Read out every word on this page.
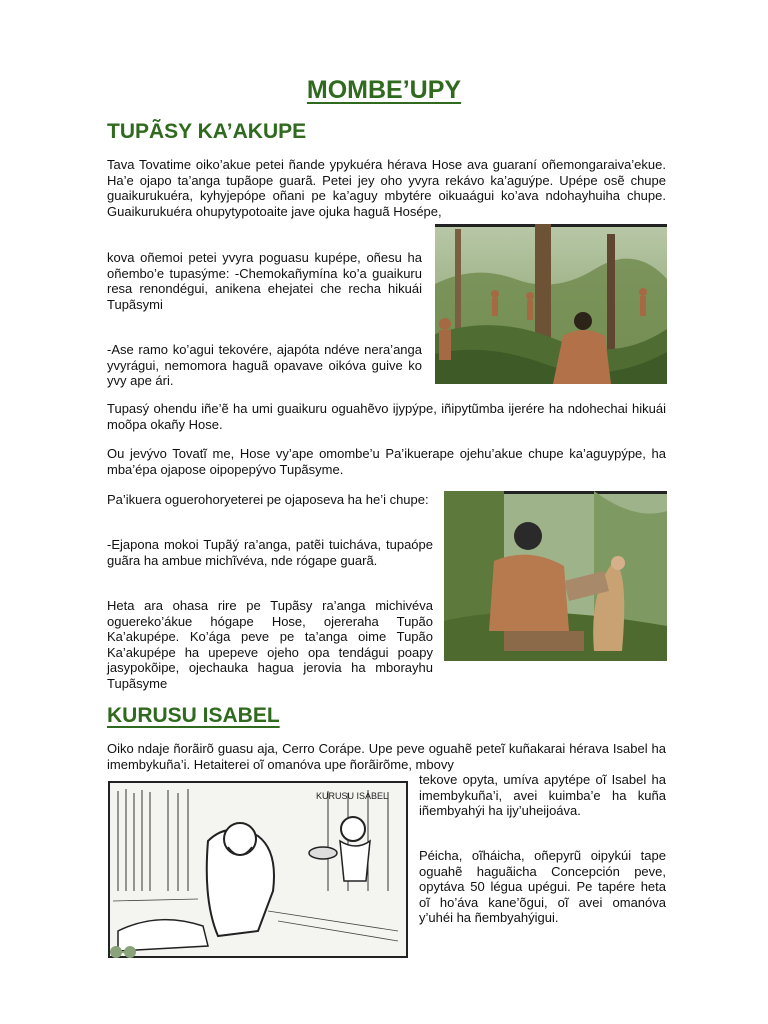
MOMBE’UPY
TUPÃSY KA’AKUPE

Tava Tovatime oiko’akue petei ñande ypykuéra hérava Hose ava guaraní oñemongaraiva’ekue. Ha’e ojapo ta’anga tupãope guarã. Petei jey oho yvyra rekávo ka’aguýpe. Upépe osẽ chupe guaikurukuéra, kyhyjepópe oñani pe ka’aguy mbytére oikuaágui ko’ava ndohayhuiha chupe. Guaikurukuéra ohupytypotoaite jave ojuka haguã Hosépe,

kova oñemoi petei yvyra poguasu kupépe, oñesu ha oñembo’e tupasýme: -Chemokañymína ko’a guaikuru resa renondégui, anikena ehejatei che recha hikuái Tupãsymi

-Ase ramo ko’agui tekovére, ajapóta ndéve nera’anga yvyrágui, nemomora haguã opavave oikóva guive ko yvy ape ári.

Tupasý ohendu iñe’ẽ ha umi guaikuru oguahẽvo ijypýpe, iñipytũmba ijerére ha ndohechai hikuái moõpa okañy Hose.

Ou jevývo Tovatĩ me, Hose vy’ape omombe’u Pa’ikuerape ojehu’akue chupe ka’aguypýpe, ha mba’épa ojapose oipopepývo Tupãsyme.

Pa’ikuera oguerohoryeterei pe ojaposeva ha he’i chupe:

-Ejapona mokoi Tupãý ra’anga, patẽi tuicháva, tupaópe guãra ha ambue michĩvéva, nde rógape guarã.

Heta ara ohasa rire pe Tupãsy ra’anga michivéva oguereko’ákue hógape Hose, ojereraha Tupão Ka’akupépe. Ko’ága peve pe ta’anga oime Tupão Ka’akupépe ha upepeve ojeho opa tendágui poapy jasypokõipe, ojechauka hagua jerovia ha mborayhu Tupãsyme

KURUSU ISABEL

Oiko ndaje ñorãirõ guasu aja, Cerro Corápe. Upe peve oguahẽ peteĩ kuñakarai hérava Isabel ha imembykuña’i. Hetaiterei oĩ omanóva upe ñorãirõme, mbovy

KURUSU ISABEL

tekove opyta, umíva apytépe oĩ Isabel ha imembykuña’i, avei kuimba’e ha kuña iñembyahýi ha ijy’uheijoáva.

Péicha, oĩháicha, oñepyrũ oipykúi tape oguahẽ haguãicha Concepción peve, opytáva 50 légua upégui. Pe tapére heta oĩ ho’áva kane’õgui, oĩ avei omanóva y’uhéi ha ñembyahýigui.
